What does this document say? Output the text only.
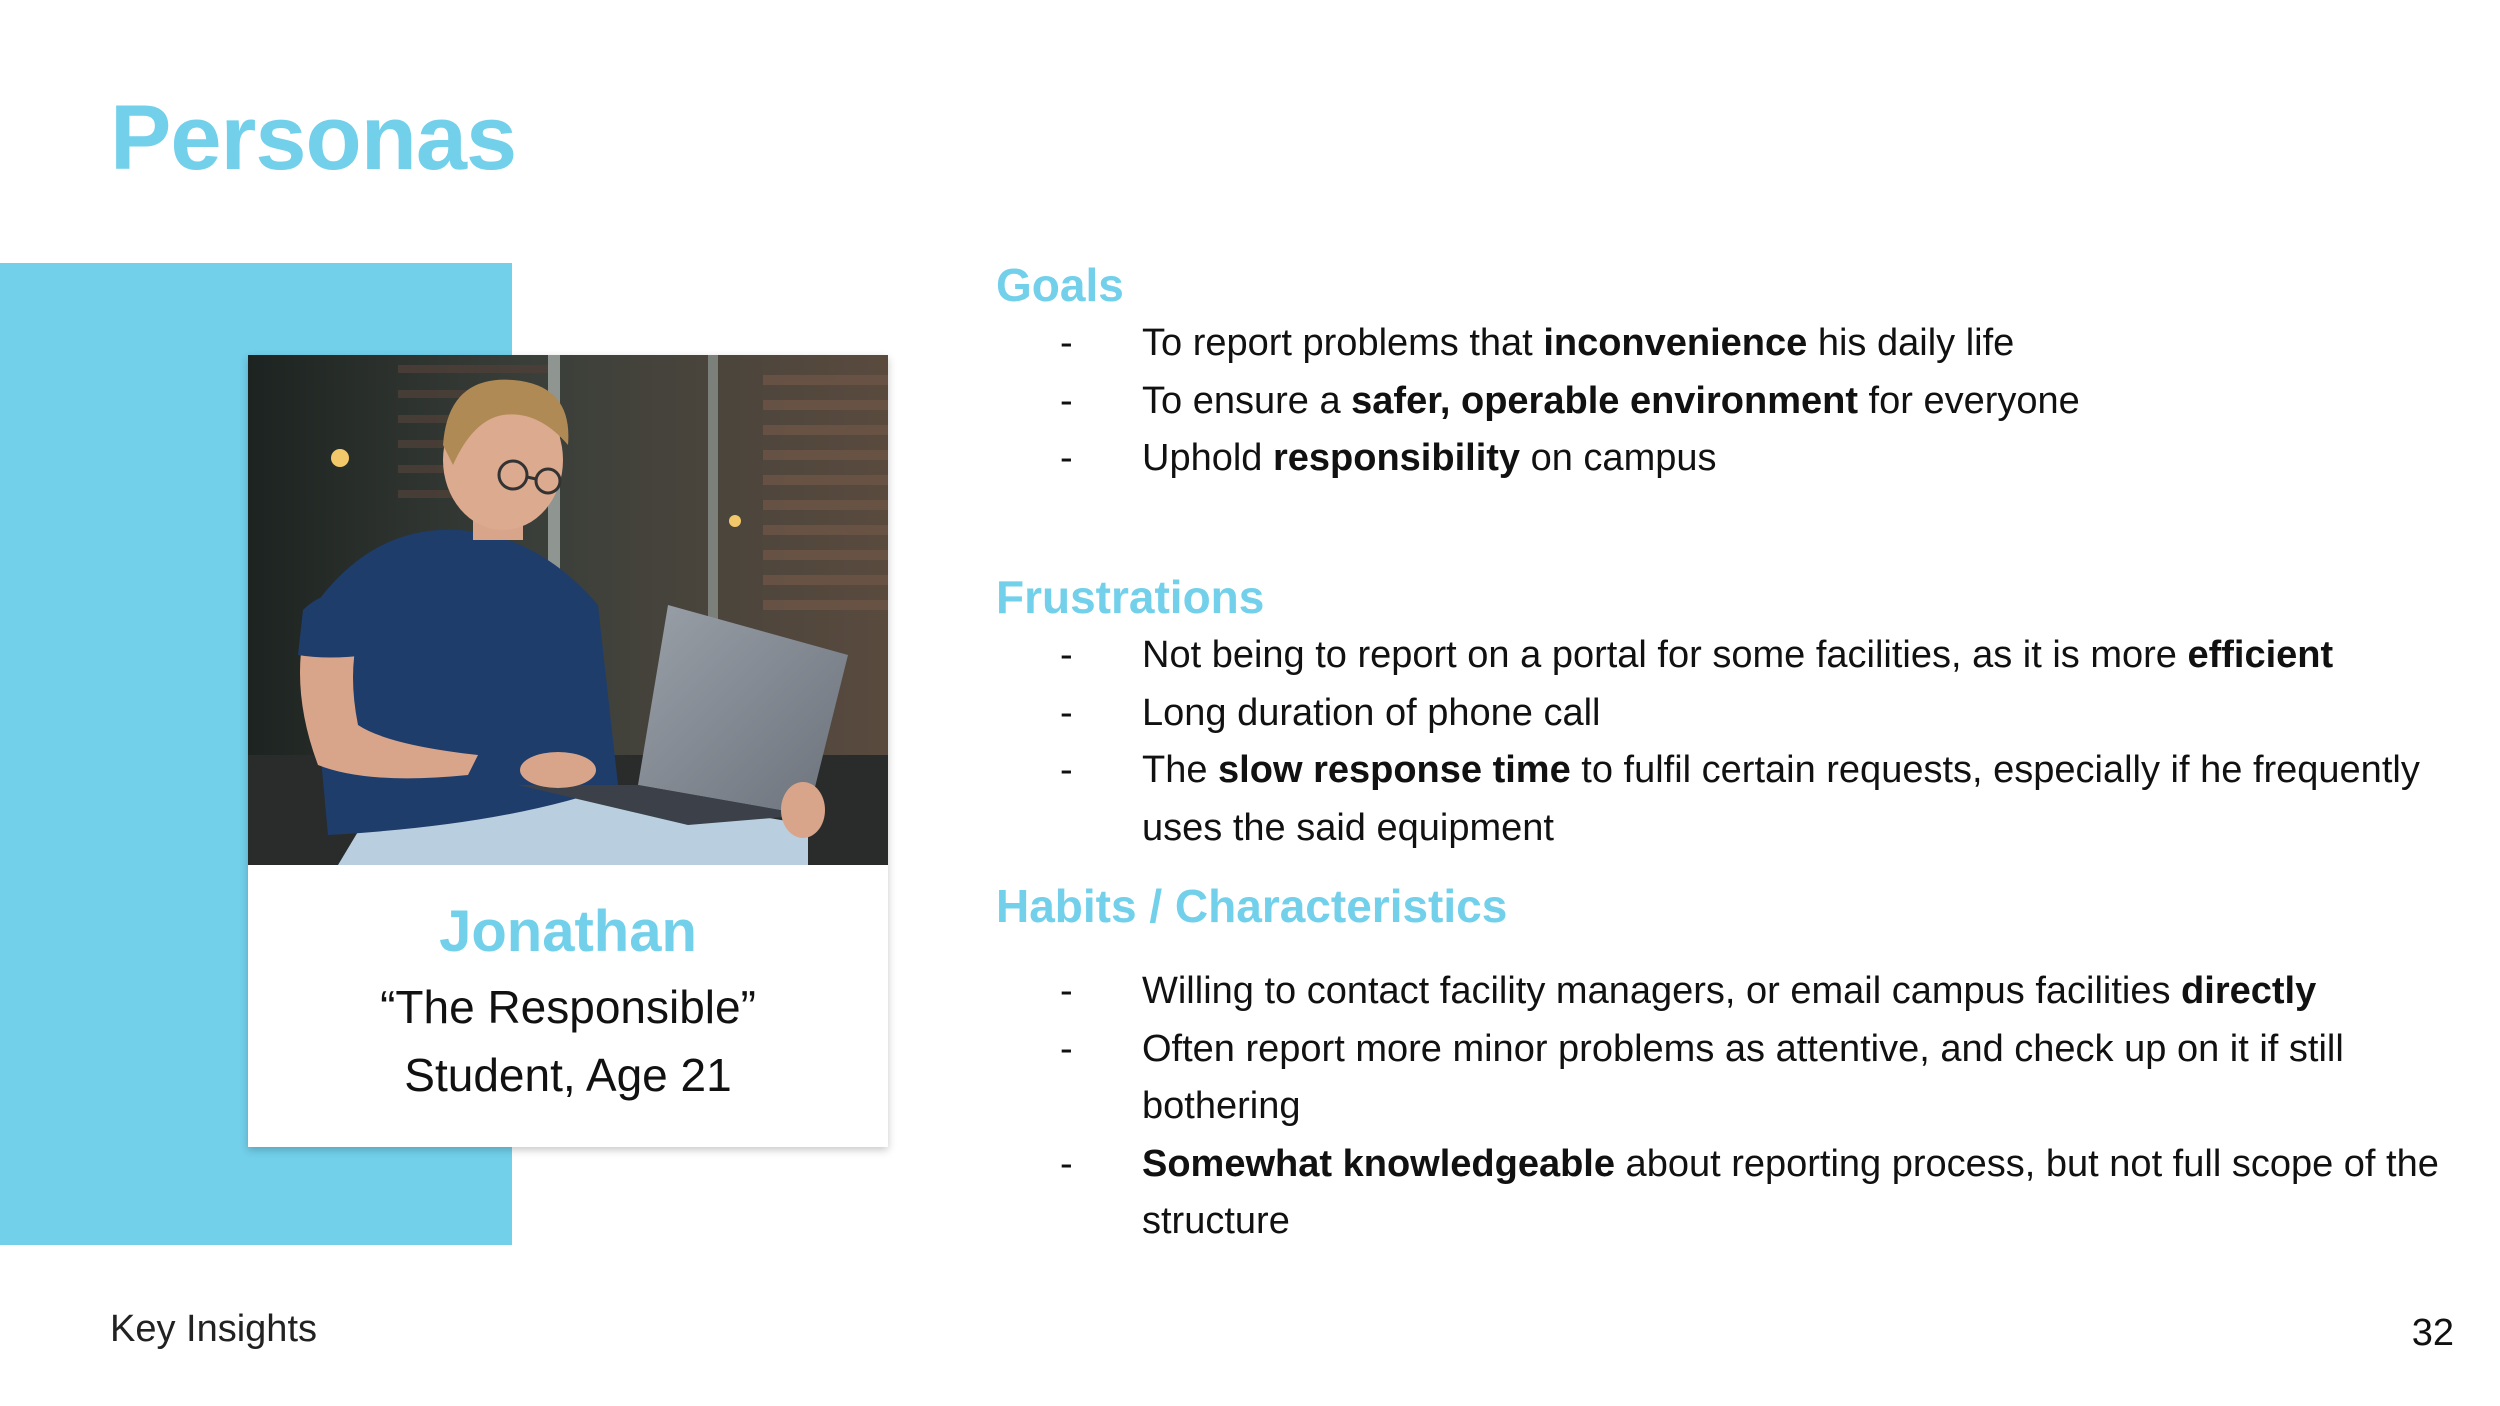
Personas
Jonathan
“The Responsible”
Student, Age 21
Goals
- To report problems that inconvenience his daily life
- To ensure a safer, operable environment for everyone
- Uphold responsibility on campus
Frustrations
- Not being to report on a portal for some facilities, as it is more efficient
- Long duration of phone call
- The slow response time to fulfil certain requests, especially if he frequently uses the said equipment
Habits / Characteristics
- Willing to contact facility managers, or email campus facilities directly
- Often report more minor problems as attentive, and check up on it if still bothering
- Somewhat knowledgeable about reporting process, but not full scope of the structure
Key Insights	32
